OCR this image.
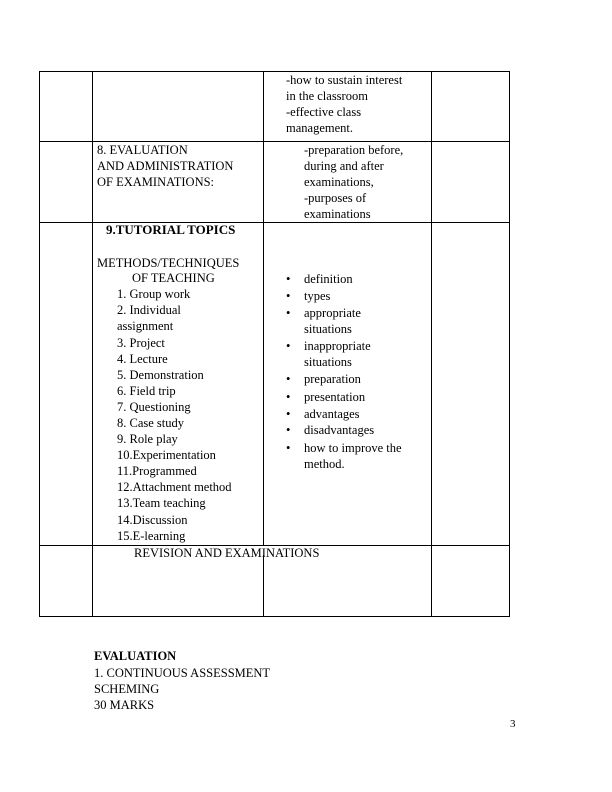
-how to sustain interest
in the classroom
-effective class
management.
8. EVALUATION
AND ADMINISTRATION
OF EXAMINATIONS:
-preparation before,
during and after
examinations,
-purposes of
examinations
9.TUTORIAL TOPICS
METHODS/TECHNIQUES
OF TEACHING
1. Group work
2. Individual
assignment
3. Project
4. Lecture
5. Demonstration
6. Field trip
7. Questioning
8. Case study
9. Role play
10.Experimentation
11.Programmed
12.Attachment method
13.Team teaching
14.Discussion
15.E-learning
• definition
• types
• appropriate
situations
• inappropriate
situations
• preparation
• presentation
• advantages
• disadvantages
• how to improve the
method.
REVISION AND EXAMINATIONS
EVALUATION
1. CONTINUOUS ASSESSMENT
SCHEMING
30 MARKS
3
